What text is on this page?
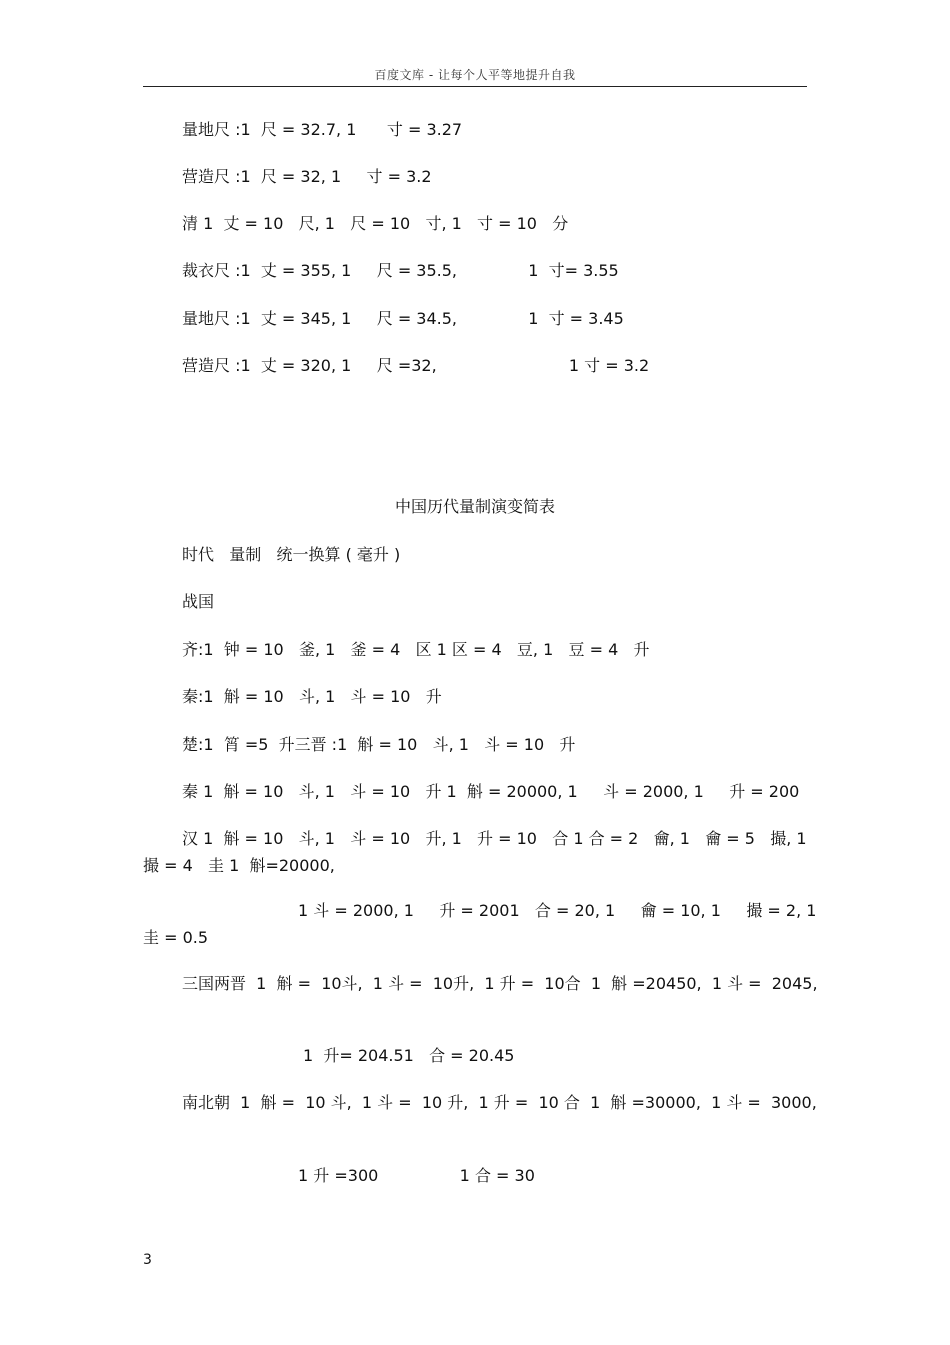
百度文库 - 让每个人平等地提升自我
量地尺 :1  尺 = 32.7, 1      寸 = 3.27
营造尺 :1  尺 = 32, 1     寸 = 3.2
清 1  丈 = 10   尺, 1   尺 = 10   寸, 1   寸 = 10   分
裁衣尺 :1  丈 = 355, 1     尺 = 35.5,              1  寸= 3.55
量地尺 :1  丈 = 345, 1     尺 = 34.5,              1  寸 = 3.45
营造尺 :1  丈 = 320, 1     尺 =32,                          1 寸 = 3.2
中国历代量制演变简表
时代   量制   统一换算 ( 毫升 )
战国
齐:1  钟 = 10   釜, 1   釜 = 4   区 1 区 = 4   豆, 1   豆 = 4   升
秦:1  斛 = 10   斗, 1   斗 = 10   升
楚:1  筲 =5  升三晋 :1  斛 = 10   斗, 1   斗 = 10   升
秦 1  斛 = 10   斗, 1   斗 = 10   升 1  斛 = 20000, 1     斗 = 2000, 1     升 = 200
汉 1  斛 = 10   斗, 1   斗 = 10   升, 1   升 = 10   合 1 合 = 2   龠, 1   龠 = 5   撮, 1
撮 = 4   圭 1  斛=20000,
1 斗 = 2000, 1     升 = 2001   合 = 20, 1     龠 = 10, 1     撮 = 2, 1
圭 = 0.5
三国两晋  1  斛 =  10斗,  1 斗 =  10升,  1 升 =  10合  1  斛 =20450,  1 斗 =  2045,
1  升= 204.51   合 = 20.45
南北朝  1  斛 =  10 斗,  1 斗 =  10 升,  1 升 =  10 合  1  斛 =30000,  1 斗 =  3000,
1 升 =300                1 合 = 30
3
